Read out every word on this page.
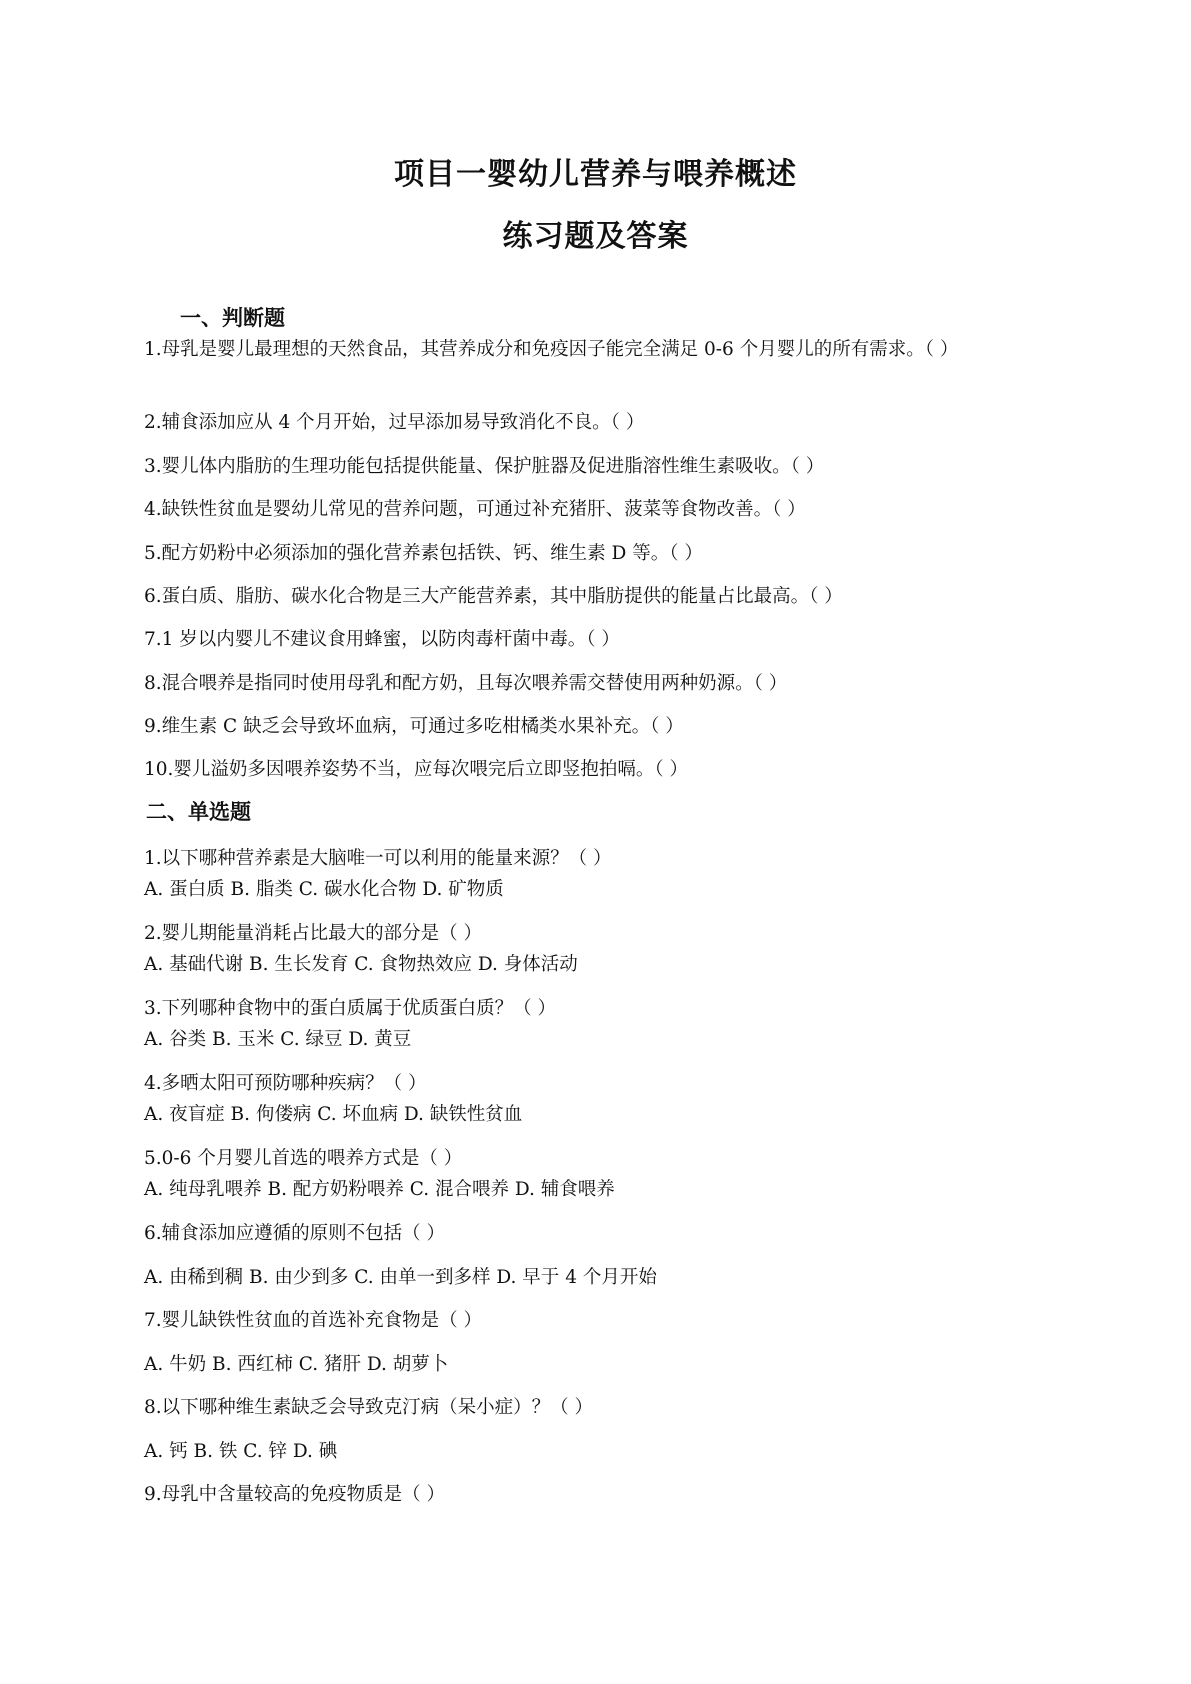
项目一婴幼儿营养与喂养概述
练习题及答案
一、判断题
1.母乳是婴儿最理想的天然食品，其营养成分和免疫因子能完全满足 0-6 个月婴儿的所有需求。（ ）
2.辅食添加应从 4 个月开始，过早添加易导致消化不良。（ ）
3.婴儿体内脂肪的生理功能包括提供能量、保护脏器及促进脂溶性维生素吸收。（ ）
4.缺铁性贫血是婴幼儿常见的营养问题，可通过补充猪肝、菠菜等食物改善。（ ）
5.配方奶粉中必须添加的强化营养素包括铁、钙、维生素 D 等。（ ）
6.蛋白质、脂肪、碳水化合物是三大产能营养素，其中脂肪提供的能量占比最高。（ ）
7.1 岁以内婴儿不建议食用蜂蜜，以防肉毒杆菌中毒。（ ）
8.混合喂养是指同时使用母乳和配方奶，且每次喂养需交替使用两种奶源。（ ）
9.维生素 C 缺乏会导致坏血病，可通过多吃柑橘类水果补充。（ ）
10.婴儿溢奶多因喂养姿势不当，应每次喂完后立即竖抱拍嗝。（ ）
二、单选题
1.以下哪种营养素是大脑唯一可以利用的能量来源？（ ）
A. 蛋白质 B. 脂类 C. 碳水化合物 D. 矿物质
2.婴儿期能量消耗占比最大的部分是（ ）
A. 基础代谢 B. 生长发育 C. 食物热效应 D. 身体活动
3.下列哪种食物中的蛋白质属于优质蛋白质？（ ）
A. 谷类 B. 玉米 C. 绿豆 D. 黄豆
4.多晒太阳可预防哪种疾病？（ ）
A. 夜盲症 B. 佝偻病 C. 坏血病 D. 缺铁性贫血
5.0-6 个月婴儿首选的喂养方式是（ ）
A. 纯母乳喂养 B. 配方奶粉喂养 C. 混合喂养 D. 辅食喂养
6.辅食添加应遵循的原则不包括（ ）
A. 由稀到稠 B. 由少到多 C. 由单一到多样 D. 早于 4 个月开始
7.婴儿缺铁性贫血的首选补充食物是（ ）
A. 牛奶 B. 西红柿 C. 猪肝 D. 胡萝卜
8.以下哪种维生素缺乏会导致克汀病（呆小症）？（ ）
A. 钙 B. 铁 C. 锌 D. 碘
9.母乳中含量较高的免疫物质是（ ）
